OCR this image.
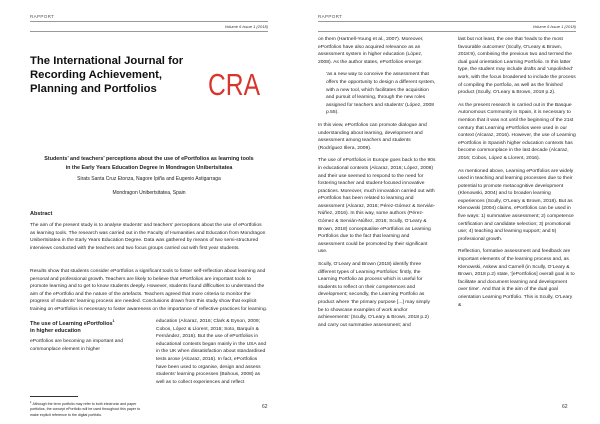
RAPPORT
Volume 6 Issue 1 (2018)
The International Journal for
Recording Achievement,
Planning and Portfolios	CRA
Students’ and teachers’ perceptions about the use of ePortfolios as learning tools
in the Early Years Education Degree in Mondragon Unibertsitatea
Sirats Santa Cruz Etonza, Nagore Ipiña and Eugenio Astigarraga
Mondragon Unibertsitatea, Spain
Abstract

The aim of the present study is to analyse students’ and teachers’ perceptions about the use of ePortfolios as learning tools. The research was carried out in the Faculty of Humanities and Education from Mondragon Unibertsitatea in the Early Years Education Degree. Data was gathered by means of two semi-structured interviews conducted with the teachers and two focus groups carried out with first year students.

Results show that students consider ePortfolios a significant tools to foster self-reflection about learning and personal and professional growth. Teachers are likely to believe that ePortfolios are important tools to promote learning and to get to know students deeply. However, students found difficulties to understand the aim of the ePortfolio and the nature of the artefacts. Teachers agreed that more criteria to monitor the progress of students’ learning process are needed. Conclusions drawn from this study show that explicit training on ePortfolios is necessary to foster awareness on the importance of reflective practices for learning.

The use of Learning ePortfolios$^1$
in higher education

ePortfolios are becoming an important and commonplace element in higher

$^1$ Although the term portfolio may refer to both electronic and paper portfolios, the concept ePortfolio will be used throughout this paper to make explicit reference to the digital portfolio.

education (Alcaraz, 2016; Clark & Eynon, 2009; Cobos, López & Llorent, 2016; Soto, Barquín & Fernández, 2016). But the use of ePortfolios in educational contexts began mainly in the USA and in the UK when dissatisfaction about standardised tests arose (Alcaraz, 2016). In fact, ePortfolios have been used to organise, design and assess students’ learning processes (Bahous, 2008) as well as to collect experiences and reflect

62
RAPPORT
Volume 6 Issue 1 (2018)

on them (Hartnell-Young et al., 2007). Moreover, ePortfolios have also acquired relevance as an assessment system in higher education (López, 2008). As the author states, ePortfolios emerge:

‘as a new way to conceive the assessment that offers the opportunity to design a different system, with a new tool, which facilitates the acquisition and pursuit of learning, through the new roles assigned for teachers and students’ (López, 2008 p.55).

In this view, ePortfolios can promote dialogue and understanding about learning, development and assessment among teachers and students (Rodríguez Illera, 2009).

The use of ePortfolios in Europe goes back to the 90s in educational contexts (Alcaraz, 2016; López, 2008) and their use seemed to respond to the need for fostering teacher and student-focused innovative practices. Moreover, much innovation carried out with ePortfolios has been related to learning and assessment (Alcaraz, 2016; Pérez-Gómez & Servián-Núñez, 2016). In this way, some authors (Pérez-Gómez & Servián-Núñez, 2016; Scully, O’Leary & Brown, 2018) conceptualise ePortfolios as Learning Portfolios due to the fact that learning and assessment could be promoted by their significant use.

Scully, O’Leary and Brown (2018) identify three different types of Learning Portfolios: firstly, the Learning Portfolio as process which is useful for students to reflect on their competences and development; secondly, the Learning Portfolio as product where ‘the primary purpose [...] may simply be to showcase examples of work and/or achievements’ (Scully, O’Leary & Brown, 2018 p.2) and carry out summative assessment; and

last but not least, the one that ‘leads to the most favourable outcomes’ (Scully, O’Leary & Brown, 2018:9), combining the previous two and termed the dual goal orientation Learning Portfolio. In this latter type, the student may include drafts and ‘unpolished’ work, with the focus broadened to include the process of compiling the portfolio, as well as the finished product (Scully, O’Leary & Brown, 2018 p.2).

As the present research is carried out in the Basque Autonomous Community in Spain, it is necessary to mention that it was not until the beginning of the 21st century that Learning ePortfolios were used in our context (Alcaraz, 2016). However, the use of Learning ePortfolios in Spanish higher education contexts has become commonplace in the last decade (Alcaraz, 2016; Cobos, López & Llorent, 2016).

As mentioned above, Learning ePortfolios are widely used in teaching and learning processes due to their potential to promote metacognitive development (Klenowski, 2004) and to broaden learning experiences (Scully, O’Leary & Brown, 2018). But as Klenowski (2004) claims, ePortfolios can be used in five ways: 1) summative assessment; 2) competence certification and candidate selection; 3) promotional use; 4) teaching and learning support; and 5) professional growth.

Reflection, formative assessment and feedback are important elements of the learning process and, as Klenowski, Askew and Carnell (in Scully, O’Leary & Brown, 2018 p.2) state, ‘[ePortfolios] overall goal is to facilitate and document learning and development over time’. And that is the aim of the dual goal orientation Learning Portfolio. This is Scully, O’Leary &

62
